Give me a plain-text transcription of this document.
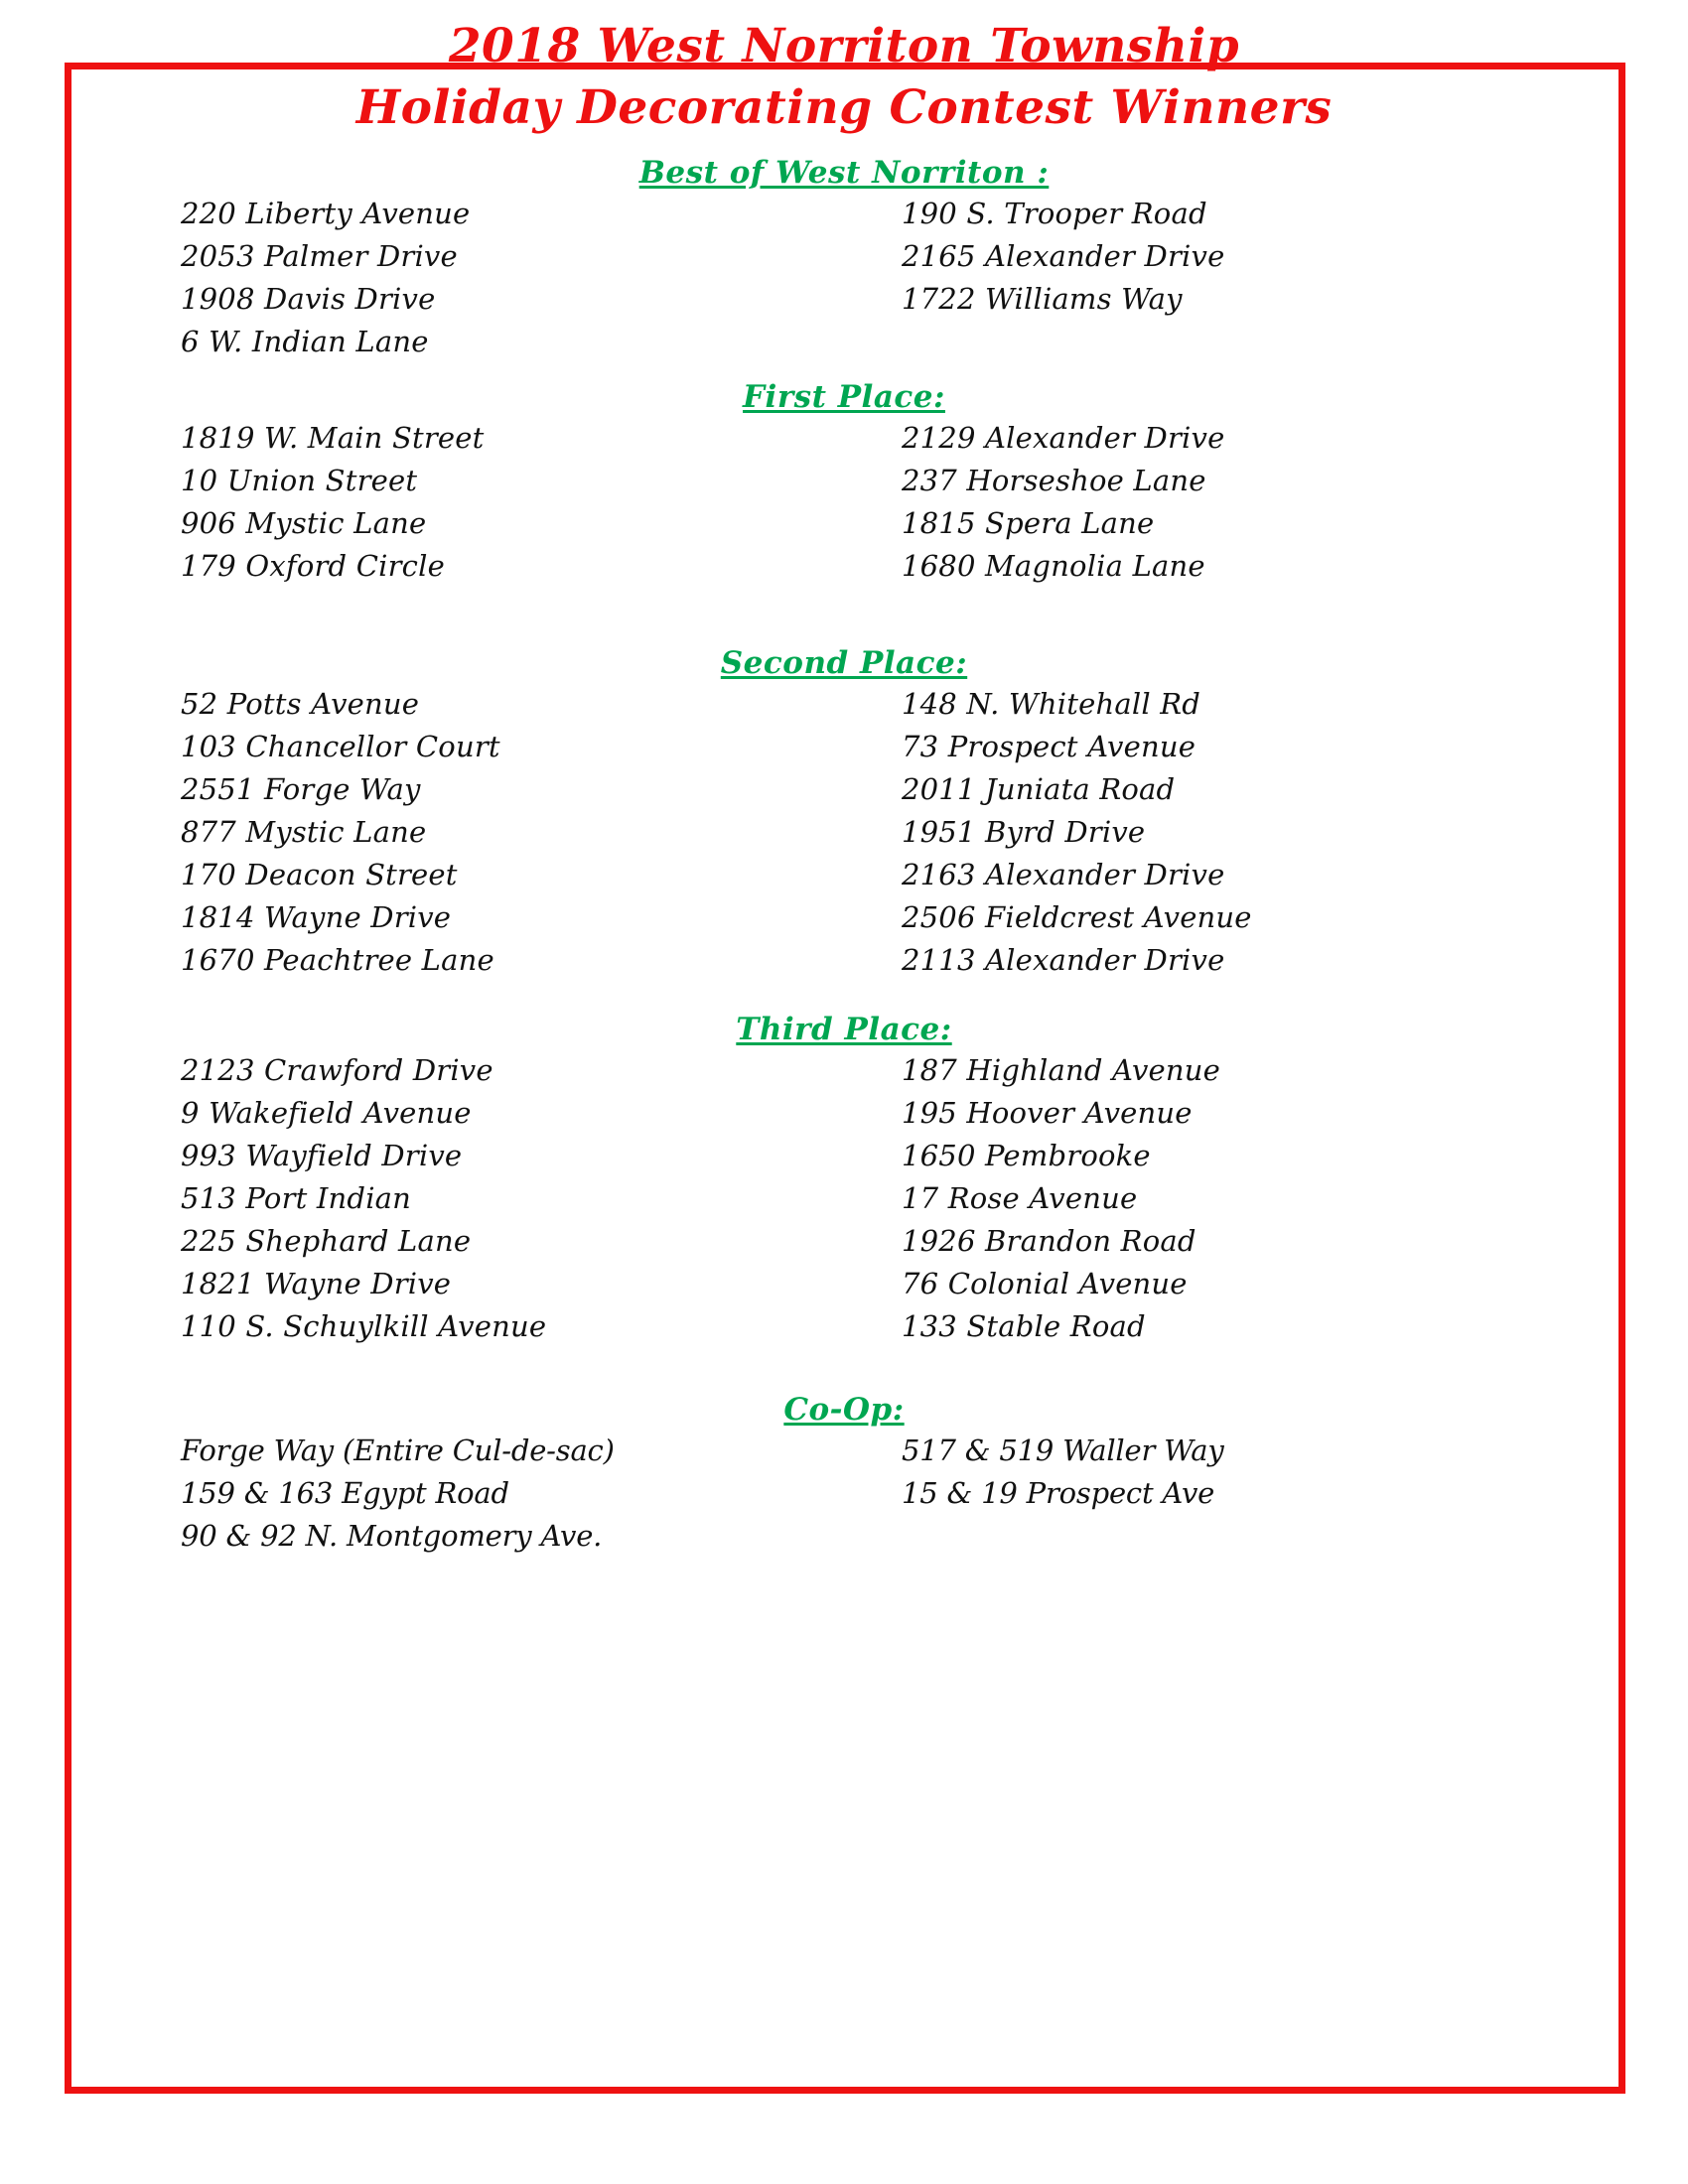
2018 West Norriton Township
Holiday Decorating Contest Winners
Best of West Norriton :
220 Liberty Avenue
2053 Palmer Drive
1908 Davis Drive
6 W. Indian Lane
190 S. Trooper Road
2165 Alexander Drive
1722 Williams Way
First Place:
1819 W. Main Street
10 Union Street
906 Mystic Lane
179 Oxford Circle
2129 Alexander Drive
237 Horseshoe Lane
1815 Spera Lane
1680 Magnolia Lane
Second Place:
52 Potts Avenue
103 Chancellor Court
2551 Forge Way
877 Mystic Lane
170 Deacon Street
1814 Wayne Drive
1670 Peachtree Lane
148 N. Whitehall Rd
73 Prospect Avenue
2011 Juniata Road
1951 Byrd Drive
2163 Alexander Drive
2506 Fieldcrest Avenue
2113 Alexander Drive
Third Place:
2123 Crawford Drive
9 Wakefield Avenue
993 Wayfield Drive
513 Port Indian
225 Shephard Lane
1821 Wayne Drive
110 S. Schuylkill Avenue
187 Highland Avenue
195 Hoover Avenue
1650 Pembrooke
17 Rose Avenue
1926 Brandon Road
76 Colonial Avenue
133 Stable Road
Co-Op:
Forge Way (Entire Cul-de-sac)
159 & 163 Egypt Road
90 & 92 N. Montgomery Ave.
517 & 519 Waller Way
15 & 19 Prospect Ave
